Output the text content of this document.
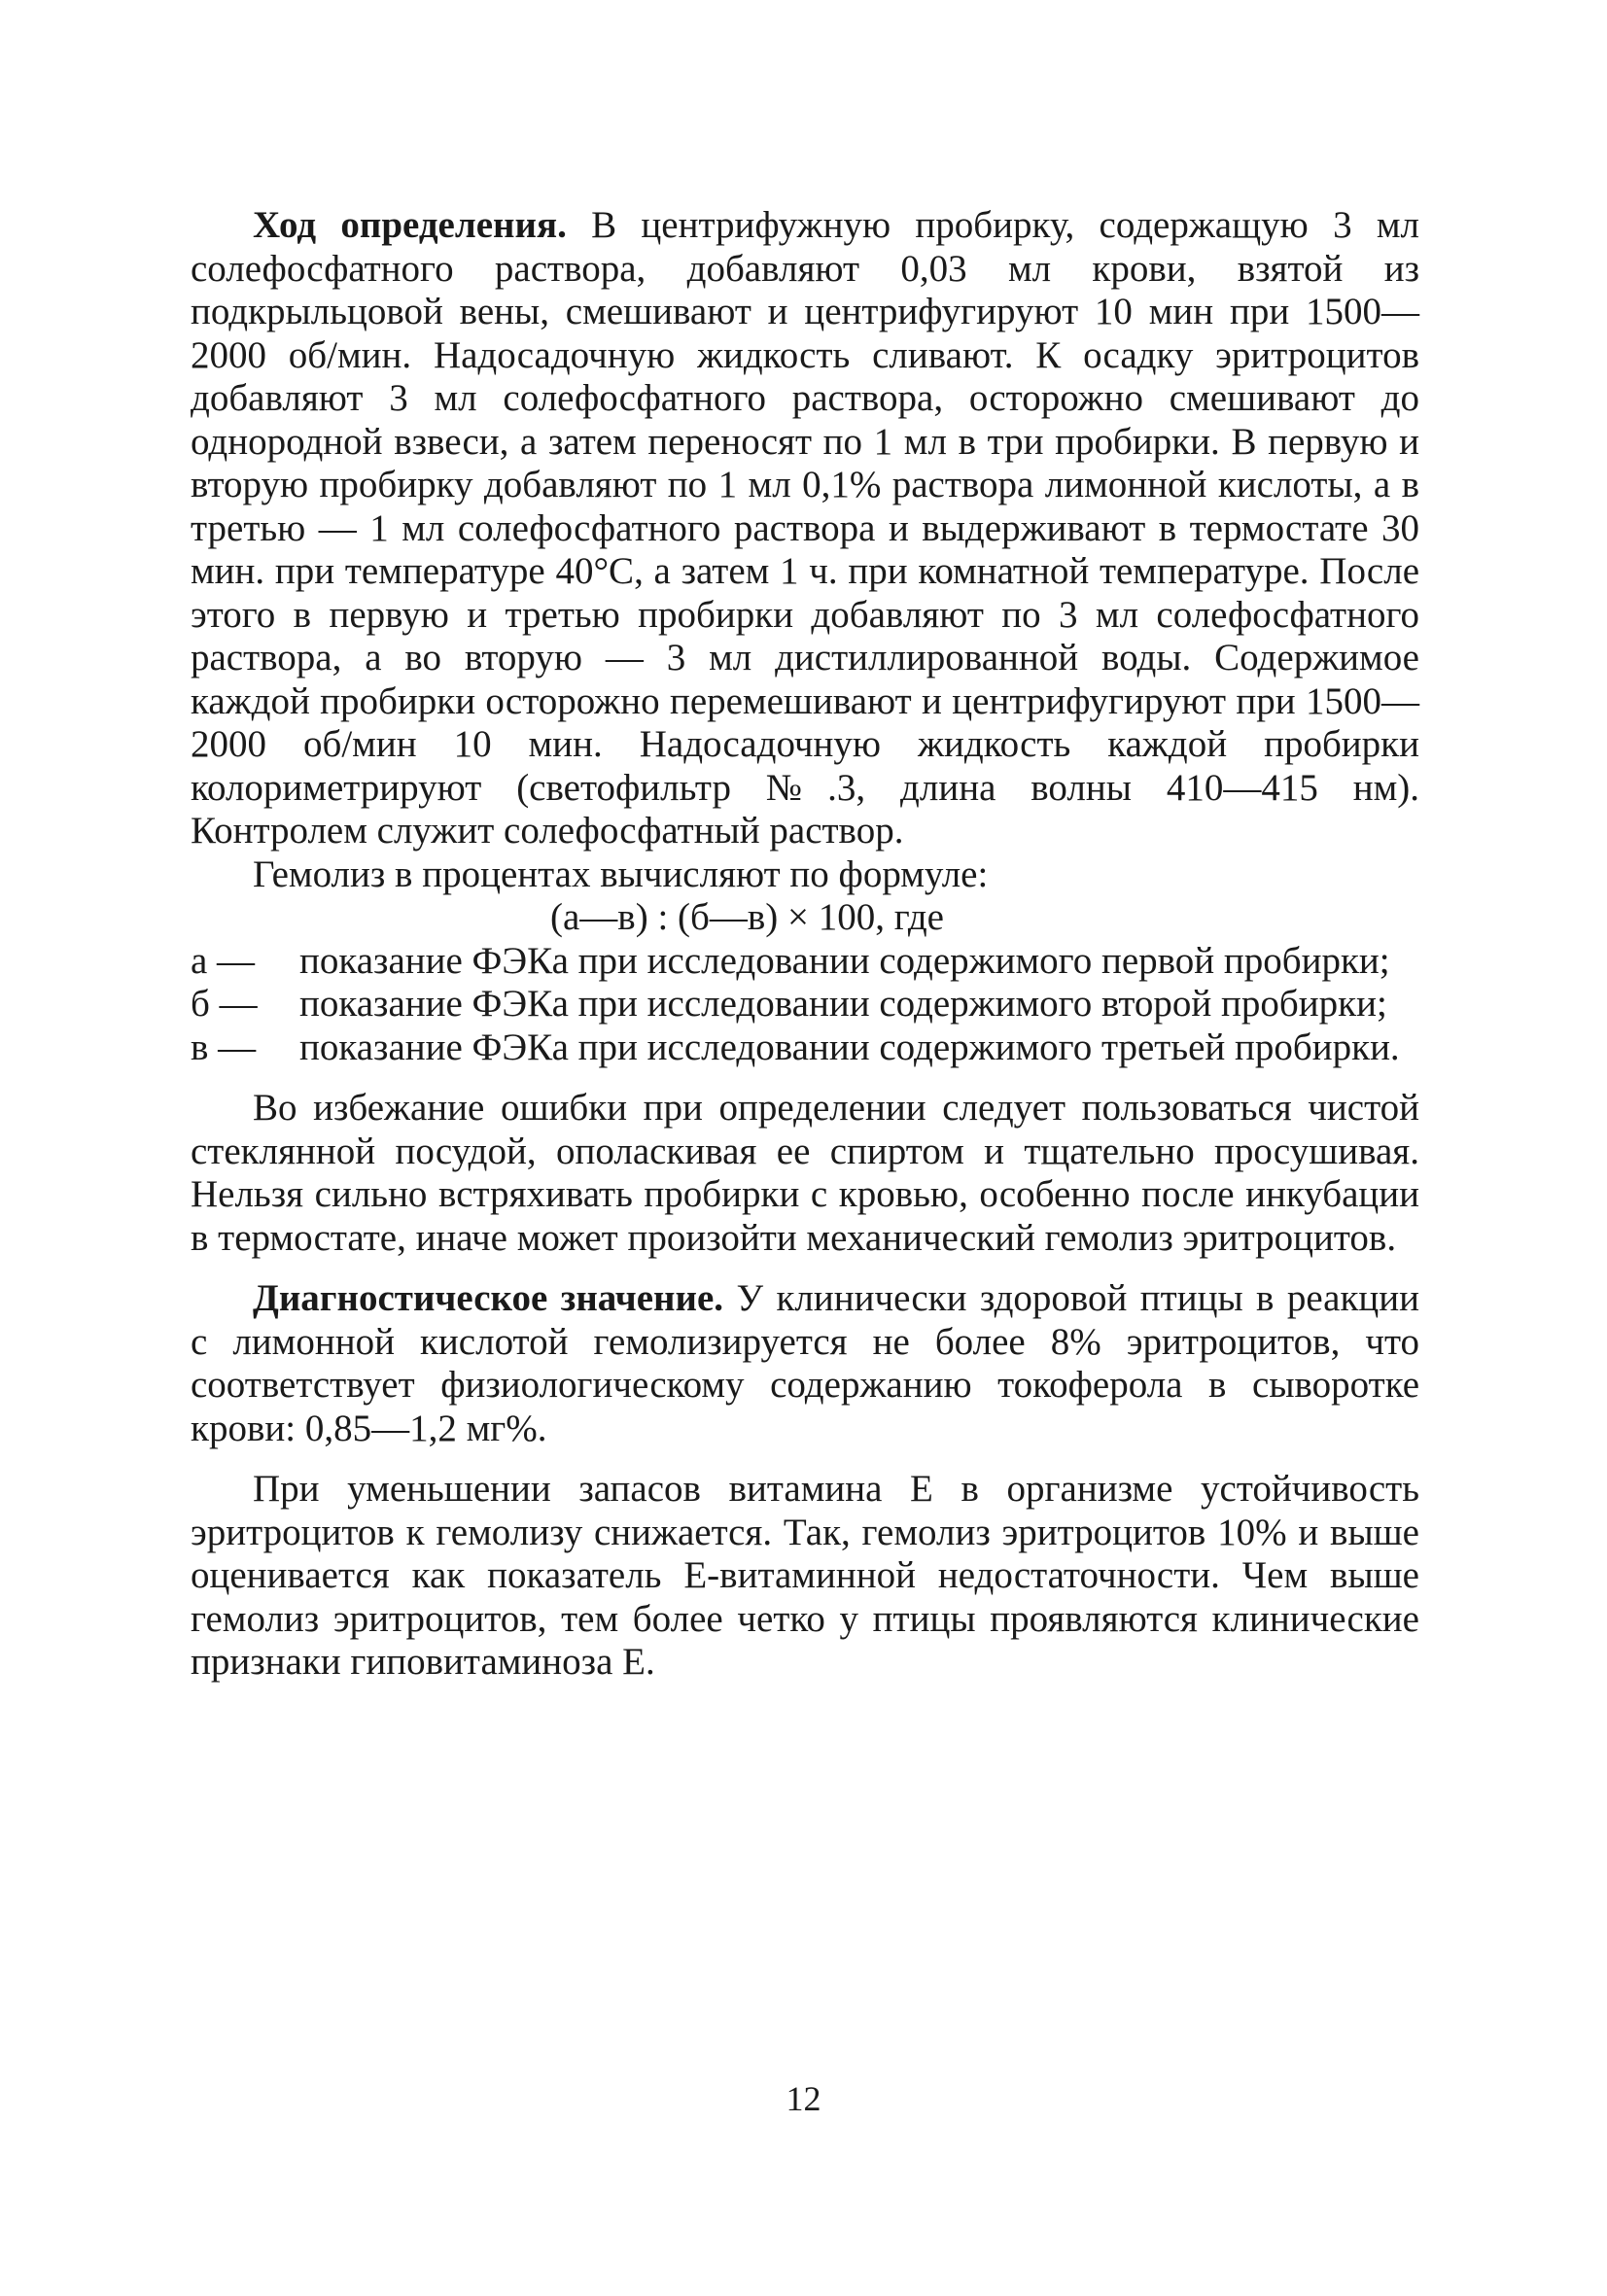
Ход определения. В центрифужную пробирку, содержащую 3 мл солефосфатного раствора, добавляют 0,03 мл крови, взятой из подкрыльцовой вены, смешивают и центрифугируют 10 мин при 1500—2000 об/мин. Надосадочную жидкость сливают. К осадку эритроцитов добавляют 3 мл солефосфатного раствора, осторожно смешивают до однородной взвеси, а затем переносят по 1 мл в три пробирки. В первую и вторую пробирку добавляют по 1 мл 0,1% раствора лимонной кислоты, а в третью — 1 мл солефосфатного раствора и выдерживают в термостате 30 мин. при температуре 40°С, а затем 1 ч. при комнатной температуре. После этого в первую и третью пробирки добавляют по 3 мл солефосфатного раствора, а во вторую — 3 мл дистиллированной воды. Содержимое каждой пробирки осторожно перемешивают и центрифугируют при 1500—2000 об/мин 10 мин. Надосадочную жидкость каждой пробирки колориметрируют (светофильтр №.3, длина волны 410—415 нм). Контролем служит солефосфатный раствор.

Гемолиз в процентах вычисляют по формуле:

(а—в) : (б—в) × 100, где

а —	показание ФЭКа при исследовании содержимого первой пробирки;
б —	показание ФЭКа при исследовании содержимого второй пробирки;
в —	показание ФЭКа при исследовании содержимого третьей пробирки.

Во избежание ошибки при определении следует пользоваться чистой стеклянной посудой, ополаскивая ее спиртом и тщательно просушивая. Нельзя сильно встряхивать пробирки с кровью, особенно после инкубации в термостате, иначе может произойти механический гемолиз эритроцитов.

Диагностическое значение. У клинически здоровой птицы в реакции с лимонной кислотой гемолизируется не более 8% эритроцитов, что соответствует физиологическому содержанию токоферола в сыворотке крови: 0,85—1,2 мг%.

При уменьшении запасов витамина Е в организме устойчивость эритроцитов к гемолизу снижается. Так, гемолиз эритроцитов 10% и выше оценивается как показатель Е-витаминной недостаточности. Чем выше гемолиз эритроцитов, тем более четко у птицы проявляются клинические признаки гиповитаминоза Е.

12
